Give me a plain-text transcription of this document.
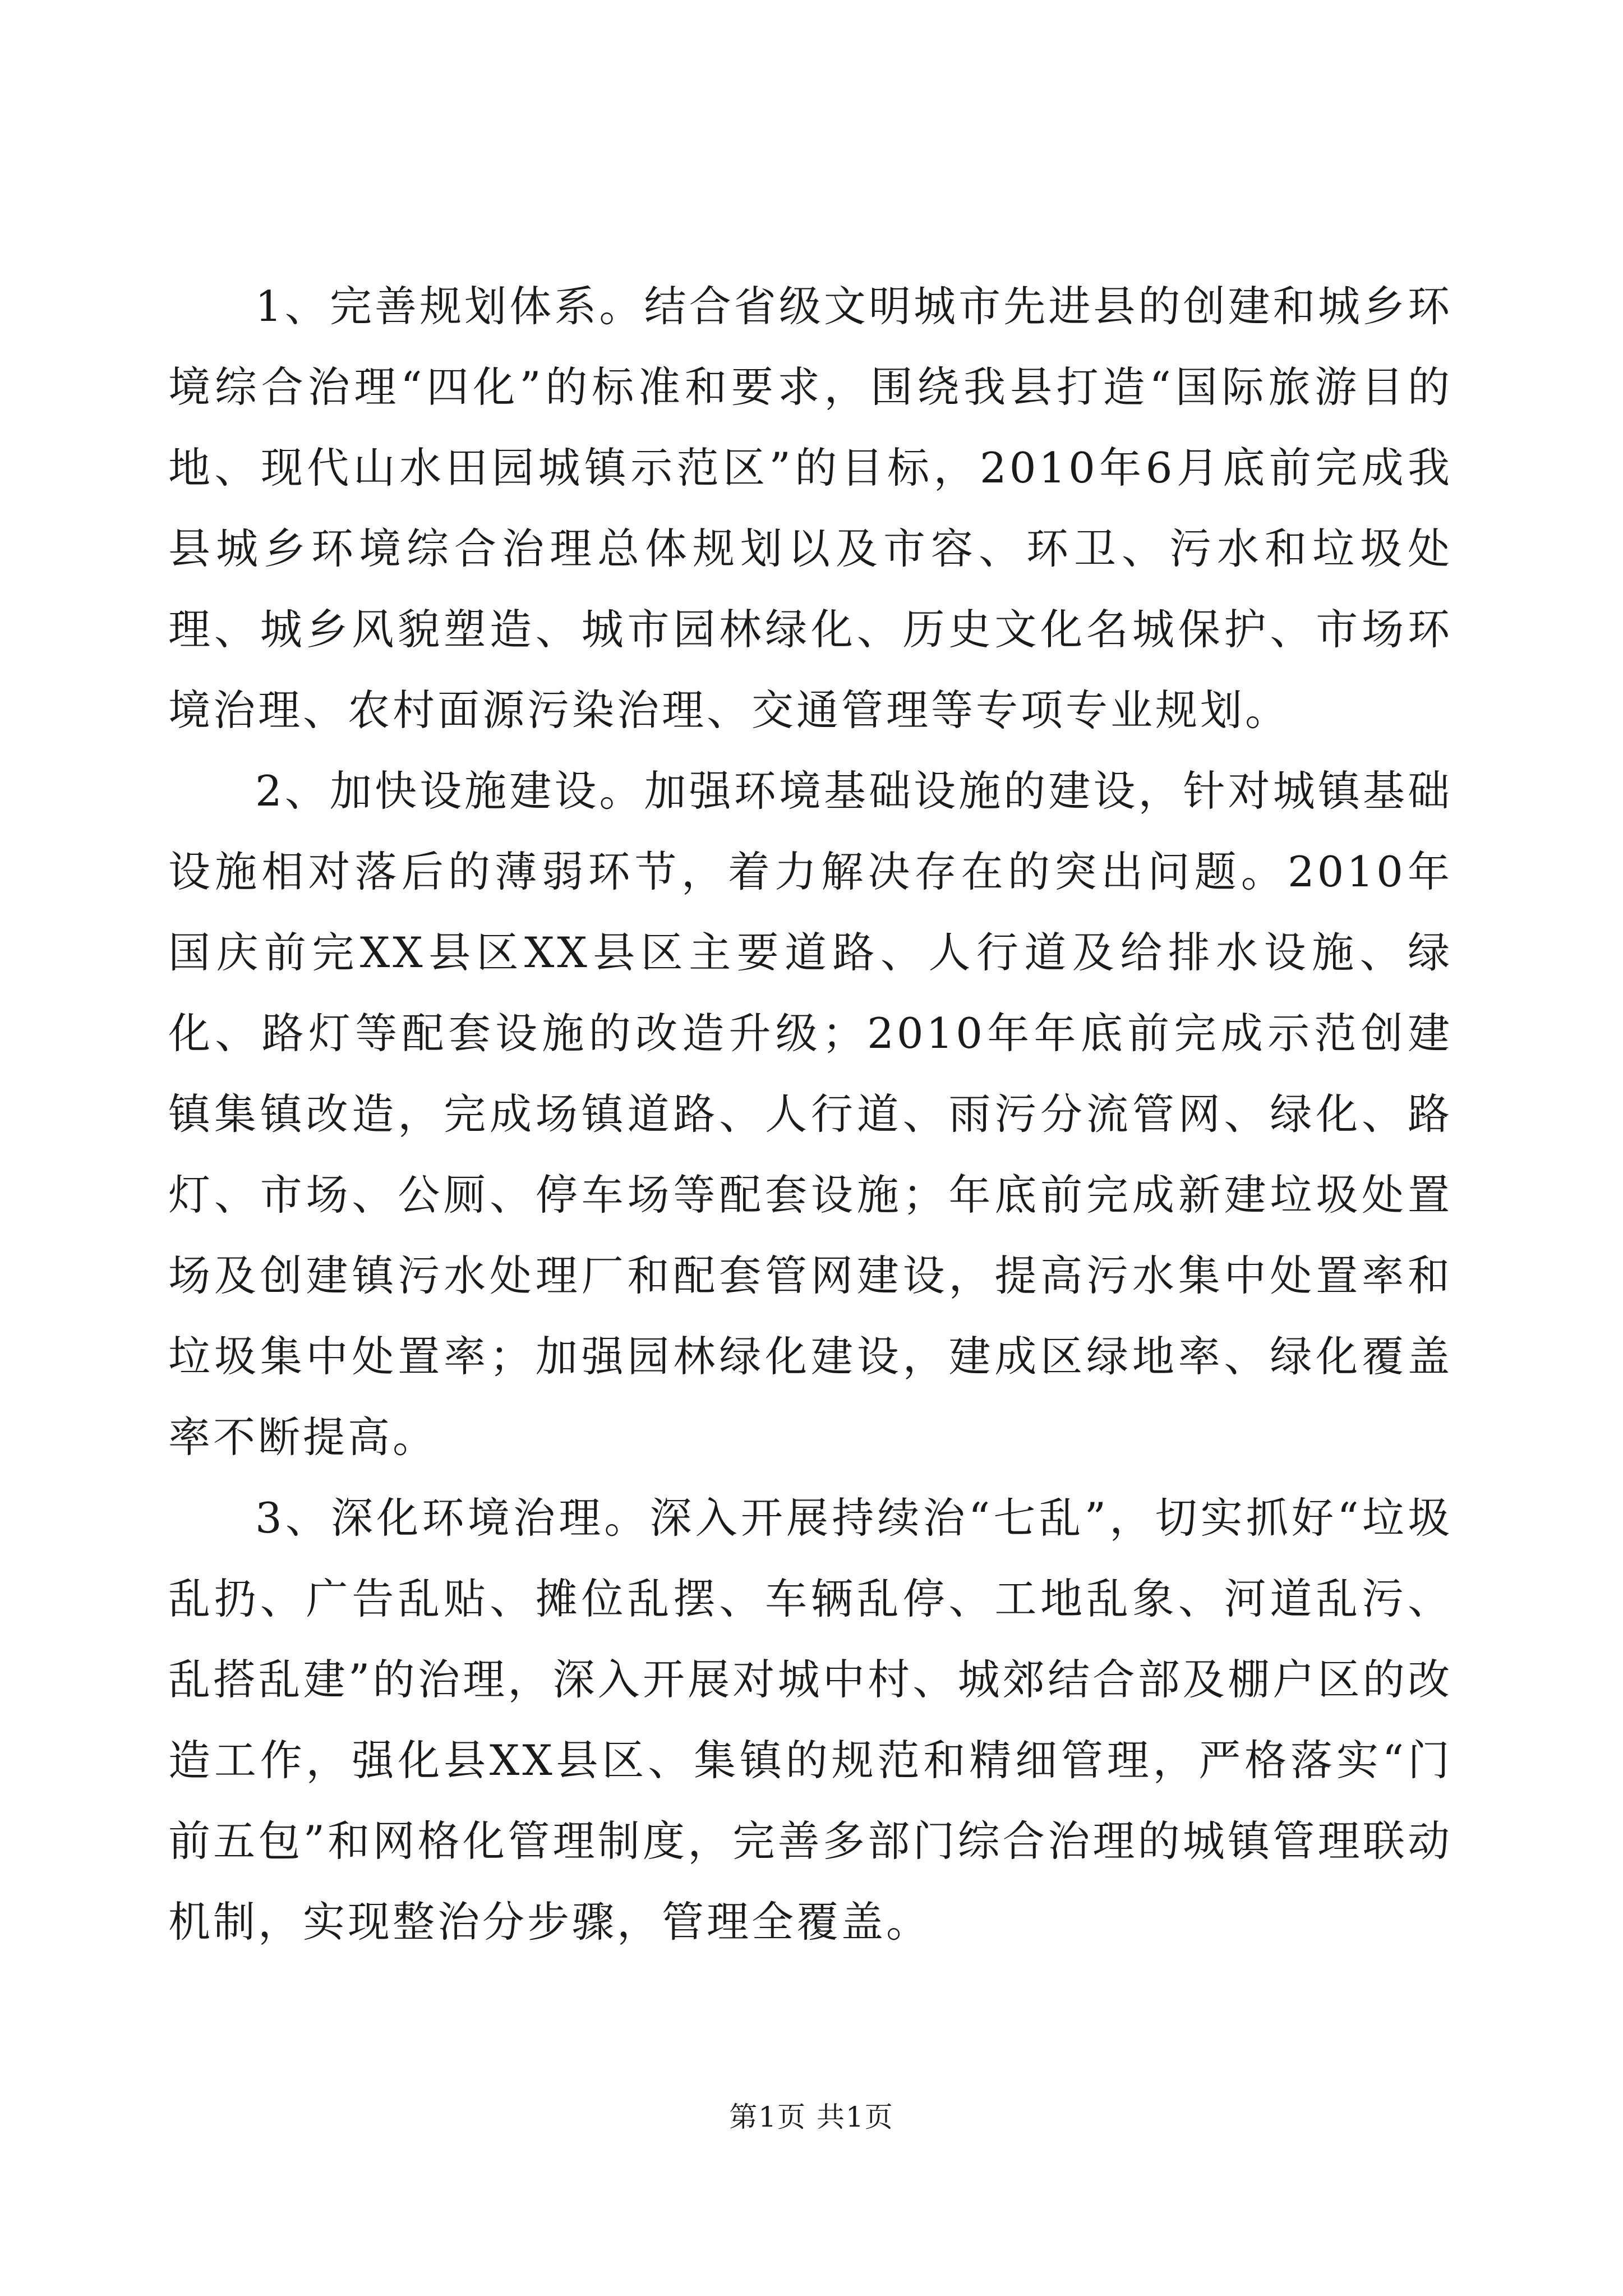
1、完善规划体系。结合省级文明城市先进县的创建和城乡环境综合治理“四化”的标准和要求，围绕我县打造“国际旅游目的地、现代山水田园城镇示范区”的目标，2010年6月底前完成我县城乡环境综合治理总体规划以及市容、环卫、污水和垃圾处理、城乡风貌塑造、城市园林绿化、历史文化名城保护、市场环境治理、农村面源污染治理、交通管理等专项专业规划。

2、加快设施建设。加强环境基础设施的建设，针对城镇基础设施相对落后的薄弱环节，着力解决存在的突出问题。2010年国庆前完XX县区XX县区主要道路、人行道及给排水设施、绿化、路灯等配套设施的改造升级；2010年年底前完成示范创建镇集镇改造，完成场镇道路、人行道、雨污分流管网、绿化、路灯、市场、公厕、停车场等配套设施；年底前完成新建垃圾处置场及创建镇污水处理厂和配套管网建设，提高污水集中处置率和垃圾集中处置率；加强园林绿化建设，建成区绿地率、绿化覆盖率不断提高。

3、深化环境治理。深入开展持续治“七乱”，切实抓好“垃圾乱扔、广告乱贴、摊位乱摆、车辆乱停、工地乱象、河道乱污、乱搭乱建”的治理，深入开展对城中村、城郊结合部及棚户区的改造工作，强化县XX县区、集镇的规范和精细管理，严格落实“门前五包”和网格化管理制度，完善多部门综合治理的城镇管理联动机制，实现整治分步骤，管理全覆盖。

第1页 共1页
